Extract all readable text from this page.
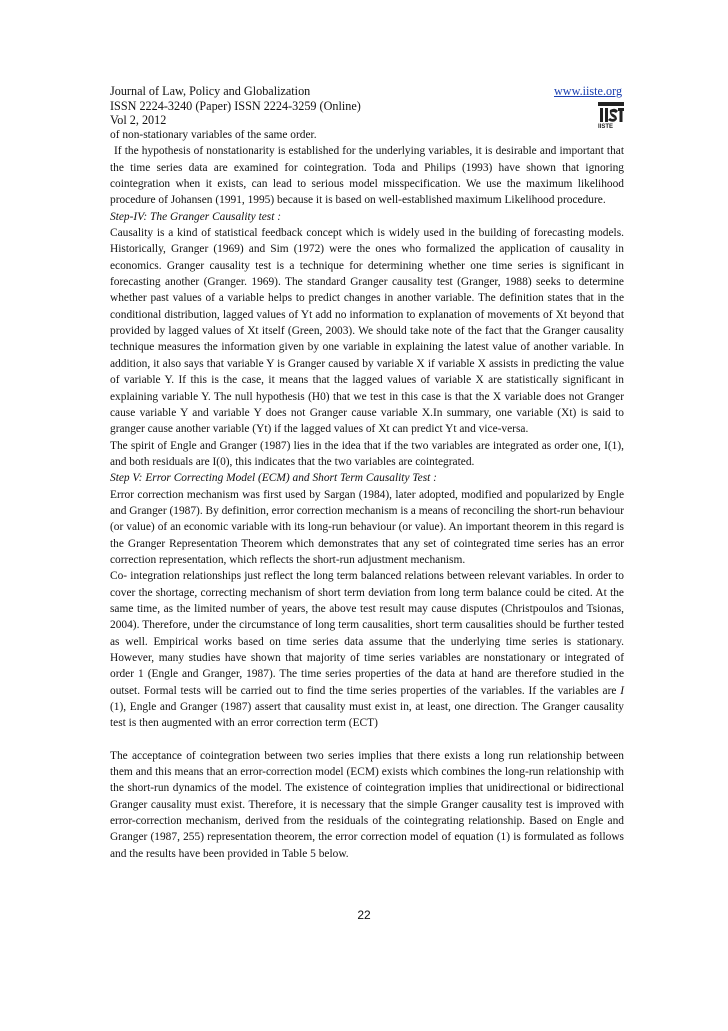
Journal of Law, Policy and Globalization
ISSN 2224-3240 (Paper) ISSN 2224-3259 (Online)
Vol 2, 2012
www.iiste.org
IISTE

of non-stationary variables of the same order.

If the hypothesis of nonstationarity is established for the underlying variables, it is desirable and important that the time series data are examined for cointegration. Toda and Philips (1993) have shown that ignoring cointegration when it exists, can lead to serious model misspecification. We use the maximum likelihood procedure of Johansen (1991, 1995) because it is based on well-established maximum Likelihood procedure.

Step-IV: The Granger Causality test :

Causality is a kind of statistical feedback concept which is widely used in the building of forecasting models. Historically, Granger (1969) and Sim (1972) were the ones who formalized the application of causality in economics. Granger causality test is a technique for determining whether one time series is significant in forecasting another (Granger. 1969). The standard Granger causality test (Granger, 1988) seeks to determine whether past values of a variable helps to predict changes in another variable. The definition states that in the conditional distribution, lagged values of Yt add no information to explanation of movements of Xt beyond that provided by lagged values of Xt itself (Green, 2003). We should take note of the fact that the Granger causality technique measures the information given by one variable in explaining the latest value of another variable. In addition, it also says that variable Y is Granger caused by variable X if variable X assists in predicting the value of variable Y. If this is the case, it means that the lagged values of variable X are statistically significant in explaining variable Y. The null hypothesis (H0) that we test in this case is that the X variable does not Granger cause variable Y and variable Y does not Granger cause variable X.In summary, one variable (Xt) is said to granger cause another variable (Yt) if the lagged values of Xt can predict Yt and vice-versa.

The spirit of Engle and Granger (1987) lies in the idea that if the two variables are integrated as order one, I(1), and both residuals are I(0), this indicates that the two variables are cointegrated.

Step V: Error Correcting Model (ECM) and Short Term Causality Test :

Error correction mechanism was first used by Sargan (1984), later adopted, modified and popularized by Engle and Granger (1987). By definition, error correction mechanism is a means of reconciling the short-run behaviour (or value) of an economic variable with its long-run behaviour (or value). An important theorem in this regard is the Granger Representation Theorem which demonstrates that any set of cointegrated time series has an error correction representation, which reflects the short-run adjustment mechanism.

Co- integration relationships just reflect the long term balanced relations between relevant variables. In order to cover the shortage, correcting mechanism of short term deviation from long term balance could be cited. At the same time, as the limited number of years, the above test result may cause disputes (Christpoulos and Tsionas, 2004). Therefore, under the circumstance of long term causalities, short term causalities should be further tested as well. Empirical works based on time series data assume that the underlying time series is stationary. However, many studies have shown that majority of time series variables are nonstationary or integrated of order 1 (Engle and Granger, 1987). The time series properties of the data at hand are therefore studied in the outset. Formal tests will be carried out to find the time series properties of the variables. If the variables are I (1), Engle and Granger (1987) assert that causality must exist in, at least, one direction. The Granger causality test is then augmented with an error correction term (ECT)

The acceptance of cointegration between two series implies that there exists a long run relationship between them and this means that an error-correction model (ECM) exists which combines the long-run relationship with the short-run dynamics of the model. The existence of cointegration implies that unidirectional or bidirectional Granger causality must exist. Therefore, it is necessary that the simple Granger causality test is improved with error-correction mechanism, derived from the residuals of the cointegrating relationship. Based on Engle and Granger (1987, 255) representation theorem, the error correction model of equation (1) is formulated as follows and the results have been provided in Table 5 below.

22
